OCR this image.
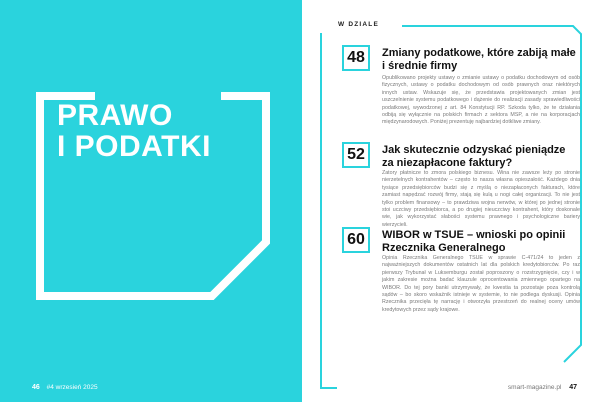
PRAWO
I PODATKI
46 #4 wrzesień 2025
W DZIALE
48	Zmiany podatkowe, które zabiją małe i średnie firmy

Opublikowano projekty ustawy o zmianie ustawy o podatku dochodowym od osób fizycznych, ustawy o podatku dochodowym od osób prawnych oraz niektórych innych ustaw. Wskazuje się, że przedstawia projektowanych zmian jest uszczelnienie systemu podatkowego i dążenie do realizacji zasady sprawiedliwości podatkowej, wywodzonej z art. 84 Konstytucji RP. Szkoda tylko, że te działania odbiją się wyłącznie na polskich firmach z sektora MSP, a nie na korporacjach międzynarodowych. Poniżej prezentuję najbardziej dotkliwe zmiany.

52	Jak skutecznie odzyskać pieniądze za niezapłacone faktury?

Zatory płatnicze to zmora polskiego biznesu. Wina nie zawsze leży po stronie nierzetelnych kontrahentów – często to nasza własna opieszałość. Każdego dnia tysiące przedsiębiorców budzi się z myślą o niezapłaconych fakturach, które zamiast napędzać rozwój firmy, stają się kulą u nogi całej organizacji. To nie jest tylko problem finansowy – to prawdziwa wojna nerwów, w której po jednej stronie stoi uczciwy przedsiębiorca, a po drugiej nieuczciwy kontrahent, który doskonale wie, jak wykorzystać słabości systemu prawnego i psychologiczne bariery wierzycieli.

60	WIBOR w TSUE – wnioski po opinii Rzecznika Generalnego

Opinia Rzecznika Generalnego TSUE w sprawie C-471/24 to jeden z najważniejszych dokumentów ostatnich lat dla polskich kredytobiorców. Po raz pierwszy Trybunał w Luksemburgu został poproszony o rozstrzygnięcie, czy i w jakim zakresie można badać klauzule oprocentowania zmiennego opartego na WIBOR. Do tej pory banki utrzymywały, że kwestia ta pozostaje poza kontrolą sądów – bo skoro wskaźnik istnieje w systemie, to nie podlega dyskusji. Opinia Rzecznika przecięła tę narrację i otworzyła przestrzeń do realnej oceny umów kredytowych przez sądy krajowe.

smart-magazine.pl 47
